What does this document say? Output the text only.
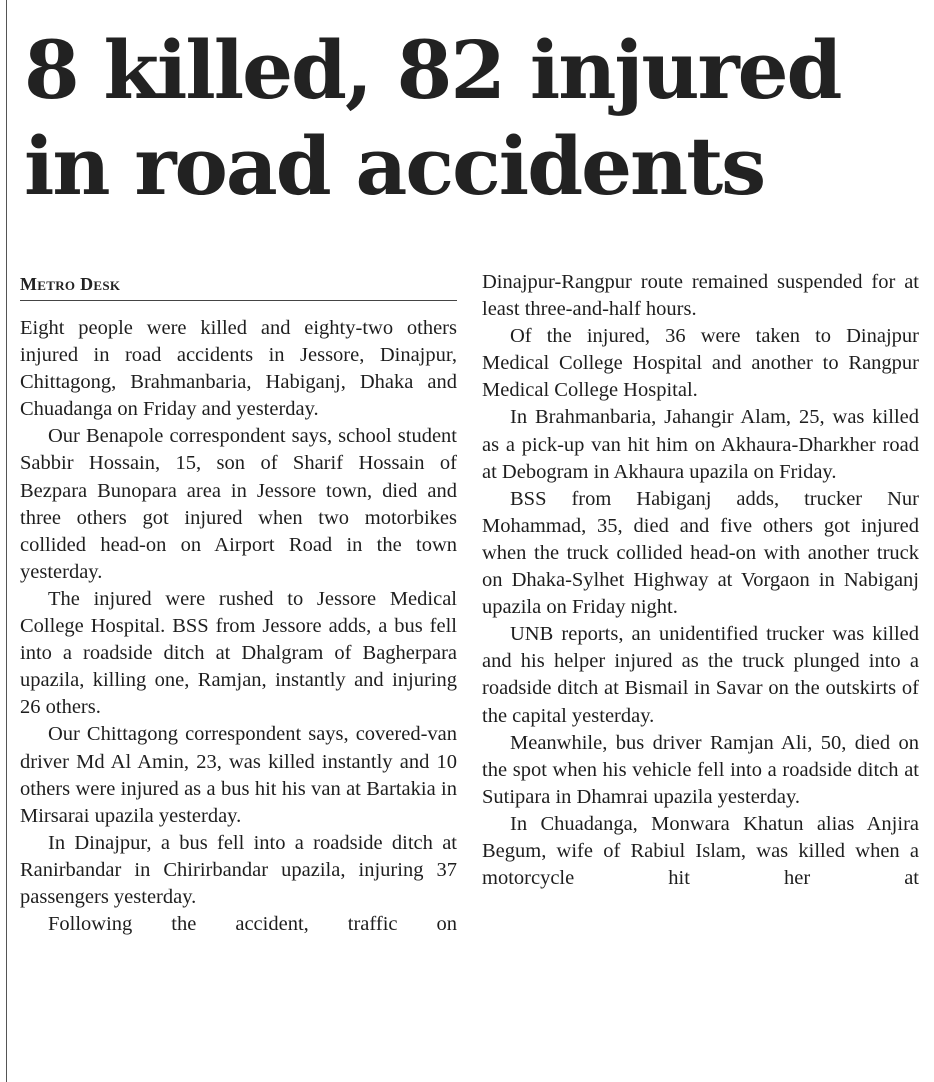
8 killed, 82 injured
in road accidents
Metro Desk

Eight people were killed and eighty-two others injured in road accidents in Jessore, Dinajpur, Chittagong, Brahmanbaria, Habiganj, Dhaka and Chuadanga on Friday and yesterday.

Our Benapole correspondent says, school student Sabbir Hossain, 15, son of Sharif Hossain of Bezpara Bunopara area in Jessore town, died and three others got injured when two motorbikes collided head-on on Airport Road in the town yesterday.

The injured were rushed to Jessore Medical College Hospital. BSS from Jessore adds, a bus fell into a roadside ditch at Dhalgram of Bagherpara upazila, killing one, Ramjan, instantly and injuring 26 others.

Our Chittagong correspondent says, covered-van driver Md Al Amin, 23, was killed instantly and 10 others were injured as a bus hit his van at Bartakia in Mirsarai upazila yesterday.

In Dinajpur, a bus fell into a roadside ditch at Ranirbandar in Chirirbandar upazila, injuring 37 passengers yesterday.

Following the accident, traffic on

Dinajpur-Rangpur route remained suspended for at least three-and-half hours.

Of the injured, 36 were taken to Dinajpur Medical College Hospital and another to Rangpur Medical College Hospital.

In Brahmanbaria, Jahangir Alam, 25, was killed as a pick-up van hit him on Akhaura-Dharkher road at Debogram in Akhaura upazila on Friday.

BSS from Habiganj adds, trucker Nur Mohammad, 35, died and five others got injured when the truck collided head-on with another truck on Dhaka-Sylhet Highway at Vorgaon in Nabiganj upazila on Friday night.

UNB reports, an unidentified trucker was killed and his helper injured as the truck plunged into a roadside ditch at Bismail in Savar on the outskirts of the capital yesterday.

Meanwhile, bus driver Ramjan Ali, 50, died on the spot when his vehicle fell into a roadside ditch at Sutipara in Dhamrai upazila yesterday.

In Chuadanga, Monwara Khatun alias Anjira Begum, wife of Rabiul Islam, was killed when a motorcycle hit her at
